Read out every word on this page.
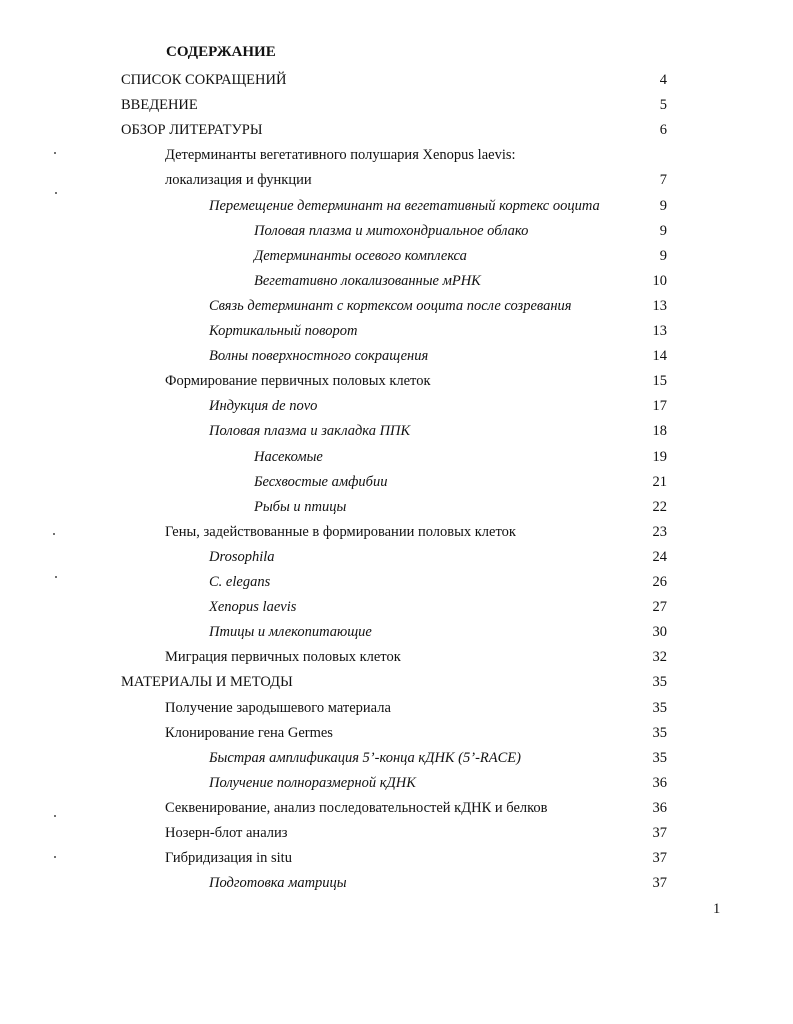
СОДЕРЖАНИЕ
СПИСОК СОКРАЩЕНИЙ	4
ВВЕДЕНИЕ	5
ОБЗОР ЛИТЕРАТУРЫ	6
Детерминанты вегетативного полушария Xenopus laevis:
локализация и функции	7
Перемещение детерминант на вегетативный кортекс ооцита	9
Половая плазма и митохондриальное облако	9
Детерминанты осевого комплекса	9
Вегетативно локализованные мРНК	10
Связь детерминант с кортексом ооцита после созревания	13
Кортикальный поворот	13
Волны поверхностного сокращения	14
Формирование первичных половых клеток	15
Индукция de novo	17
Половая плазма и закладка ППК	18
Насекомые	19
Бесхвостые амфибии	21
Рыбы и птицы	22
Гены, задействованные в формировании половых клеток	23
Drosophila	24
C. elegans	26
Xenopus laevis	27
Птицы и млекопитающие	30
Миграция первичных половых клеток	32
МАТЕРИАЛЫ И МЕТОДЫ	35
Получение зародышевого материала	35
Клонирование гена Germes	35
Быстрая амплификация 5’-конца кДНК (5’-RACE)	35
Получение полноразмерной кДНК	36
Секвенирование, анализ последовательностей кДНК и белков	36
Нозерн-блот анализ	37
Гибридизация in situ	37
Подготовка матрицы	37
1
